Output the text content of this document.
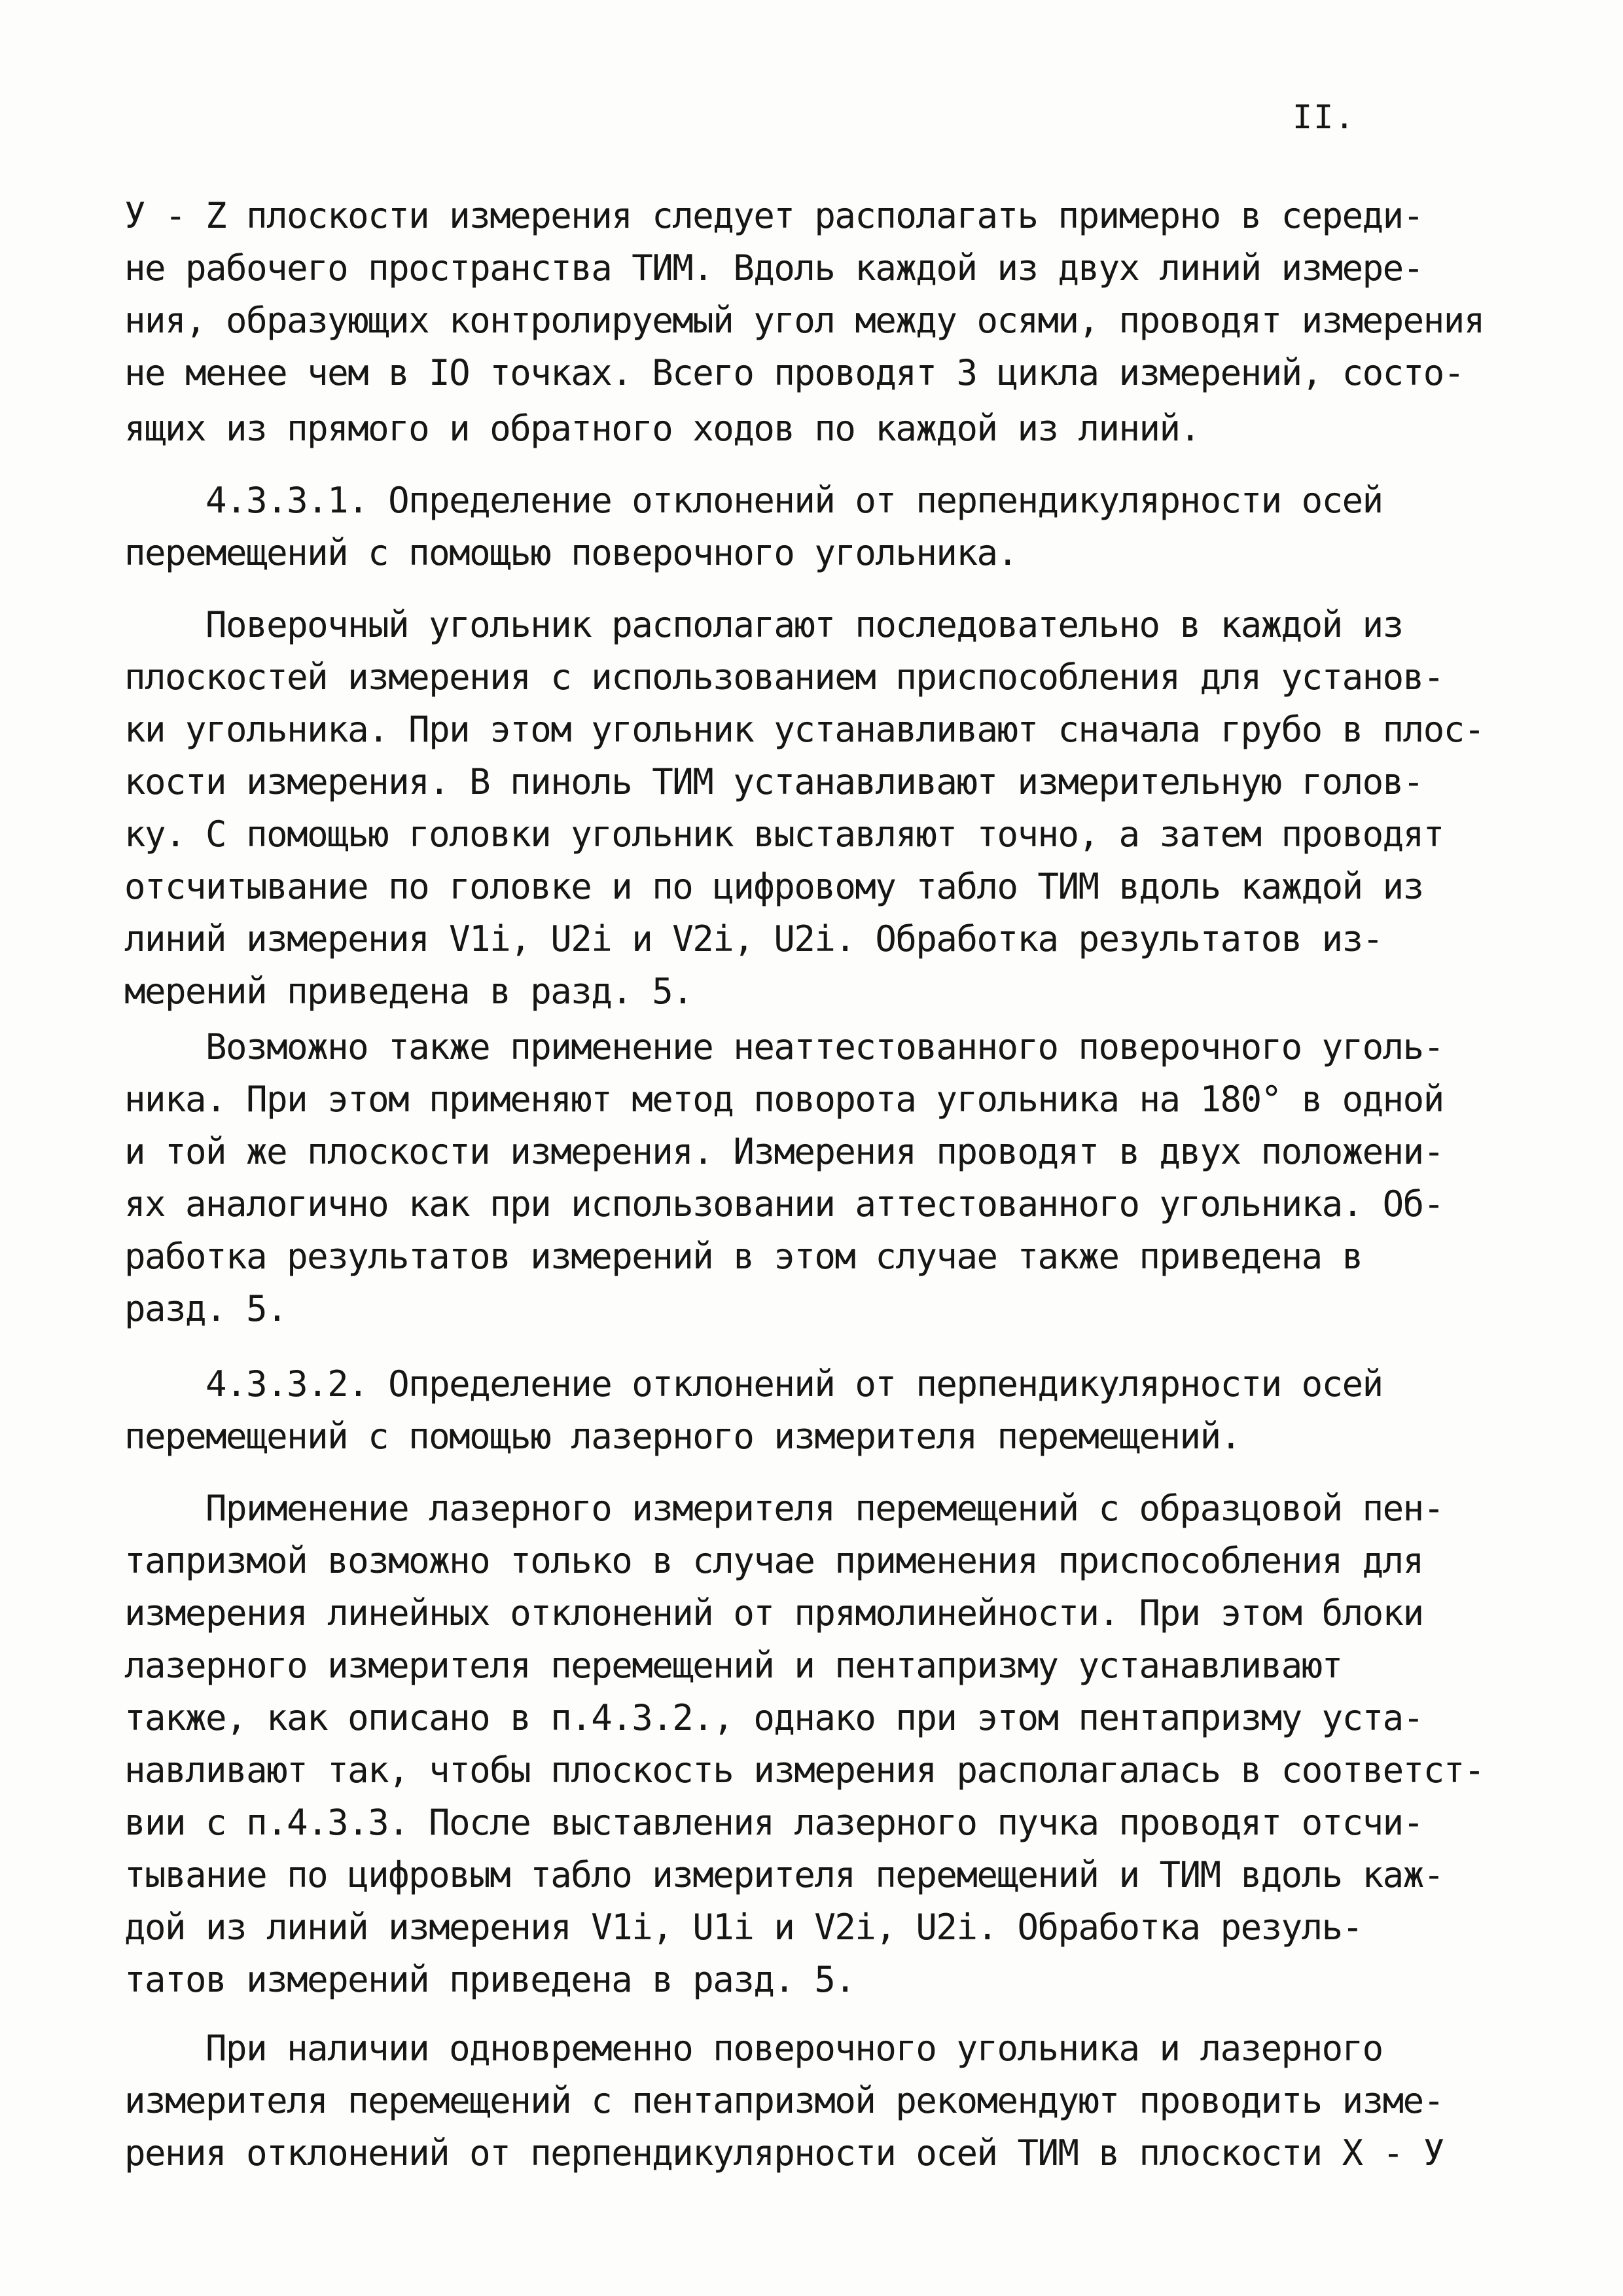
II.
У - Z плоскости измерения следует располагать примерно в середи-
не рабочего пространства ТИМ. Вдоль каждой из двух линий измере-
ния, образующих контролируемый угол между осями, проводят измерения
не менее чем в IO точках. Всего проводят 3 цикла измерений, состо-
ящих из прямого и обратного ходов по каждой из линий.
4.3.3.1. Определение отклонений от перпендикулярности осей
перемещений с помощью поверочного угольника.
Поверочный угольник располагают последовательно в каждой из
плоскостей измерения с использованием приспособления для установ-
ки угольника. При этом угольник устанавливают сначала грубо в плос-
кости измерения. В пиноль ТИМ устанавливают измерительную голов-
ку. С помощью головки угольник выставляют точно, а затем проводят
отсчитывание по головке и по цифровому табло ТИМ вдоль каждой из
линий измерения V1i, U2i и V2i, U2i. Обработка результатов из-
мерений приведена в разд. 5.
Возможно также применение неаттестованного поверочного уголь-
ника. При этом применяют метод поворота угольника на 180° в одной
и той же плоскости измерения. Измерения проводят в двух положени-
ях аналогично как при использовании аттестованного угольника. Об-
работка результатов измерений в этом случае также приведена в
разд. 5.
4.3.3.2. Определение отклонений от перпендикулярности осей
перемещений с помощью лазерного измерителя перемещений.
Применение лазерного измерителя перемещений с образцовой пен-
тапризмой возможно только в случае применения приспособления для
измерения линейных отклонений от прямолинейности. При этом блоки
лазерного измерителя перемещений и пентапризму устанавливают
также, как описано в п.4.3.2., однако при этом пентапризму уста-
навливают так, чтобы плоскость измерения располагалась в соответст-
вии с п.4.3.3. После выставления лазерного пучка проводят отсчи-
тывание по цифровым табло измерителя перемещений и ТИМ вдоль каж-
дой из линий измерения V1i, U1i и V2i, U2i. Обработка резуль-
татов измерений приведена в разд. 5.
При наличии одновременно поверочного угольника и лазерного
измерителя перемещений с пентапризмой рекомендуют проводить изме-
рения отклонений от перпендикулярности осей ТИМ в плоскости Х - У
